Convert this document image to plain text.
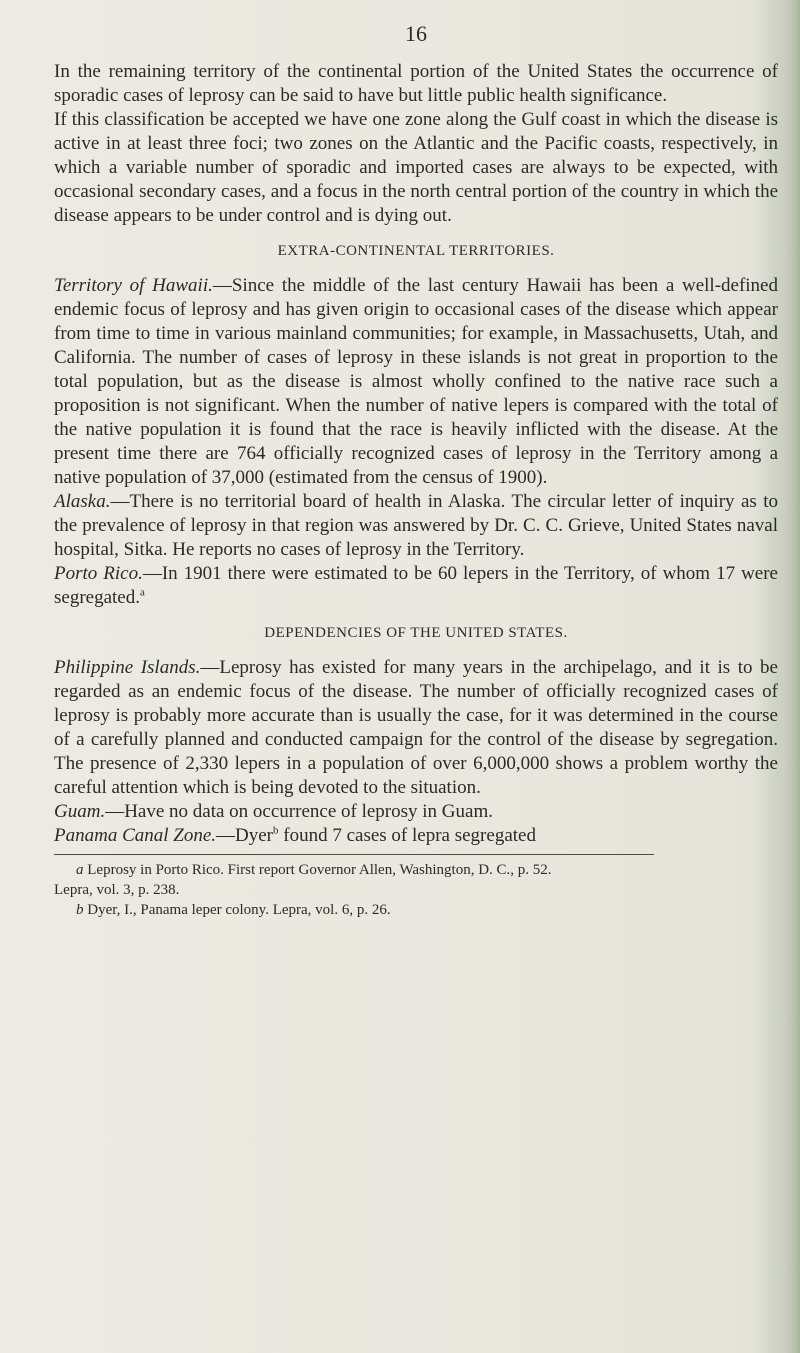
16

In the remaining territory of the continental portion of the United States the occurrence of sporadic cases of leprosy can be said to have but little public health significance.

If this classification be accepted we have one zone along the Gulf coast in which the disease is active in at least three foci; two zones on the Atlantic and the Pacific coasts, respectively, in which a variable number of sporadic and imported cases are always to be expected, with occasional secondary cases, and a focus in the north central portion of the country in which the disease appears to be under control and is dying out.

EXTRA-CONTINENTAL TERRITORIES.

Territory of Hawaii.—Since the middle of the last century Hawaii has been a well-defined endemic focus of leprosy and has given origin to occasional cases of the disease which appear from time to time in various mainland communities; for example, in Massachusetts, Utah, and California. The number of cases of leprosy in these islands is not great in proportion to the total population, but as the disease is almost wholly confined to the native race such a proposition is not significant. When the number of native lepers is compared with the total of the native population it is found that the race is heavily inflicted with the disease. At the present time there are 764 officially recognized cases of leprosy in the Territory among a native population of 37,000 (estimated from the census of 1900).

Alaska.—There is no territorial board of health in Alaska. The circular letter of inquiry as to the prevalence of leprosy in that region was answered by Dr. C. C. Grieve, United States naval hospital, Sitka. He reports no cases of leprosy in the Territory.

Porto Rico.—In 1901 there were estimated to be 60 lepers in the Territory, of whom 17 were segregated.$^a$

DEPENDENCIES OF THE UNITED STATES.

Philippine Islands.—Leprosy has existed for many years in the archipelago, and it is to be regarded as an endemic focus of the disease. The number of officially recognized cases of leprosy is probably more accurate than is usually the case, for it was determined in the course of a carefully planned and conducted campaign for the control of the disease by segregation. The presence of 2,330 lepers in a population of over 6,000,000 shows a problem worthy the careful attention which is being devoted to the situation.

Guam.—Have no data on occurrence of leprosy in Guam.

Panama Canal Zone.—Dyer$^b$ found 7 cases of lepra segregated

a Leprosy in Porto Rico. First report Governor Allen, Washington, D. C., p. 52.
Lepra, vol. 3, p. 238.
b Dyer, I., Panama leper colony. Lepra, vol. 6, p. 26.
